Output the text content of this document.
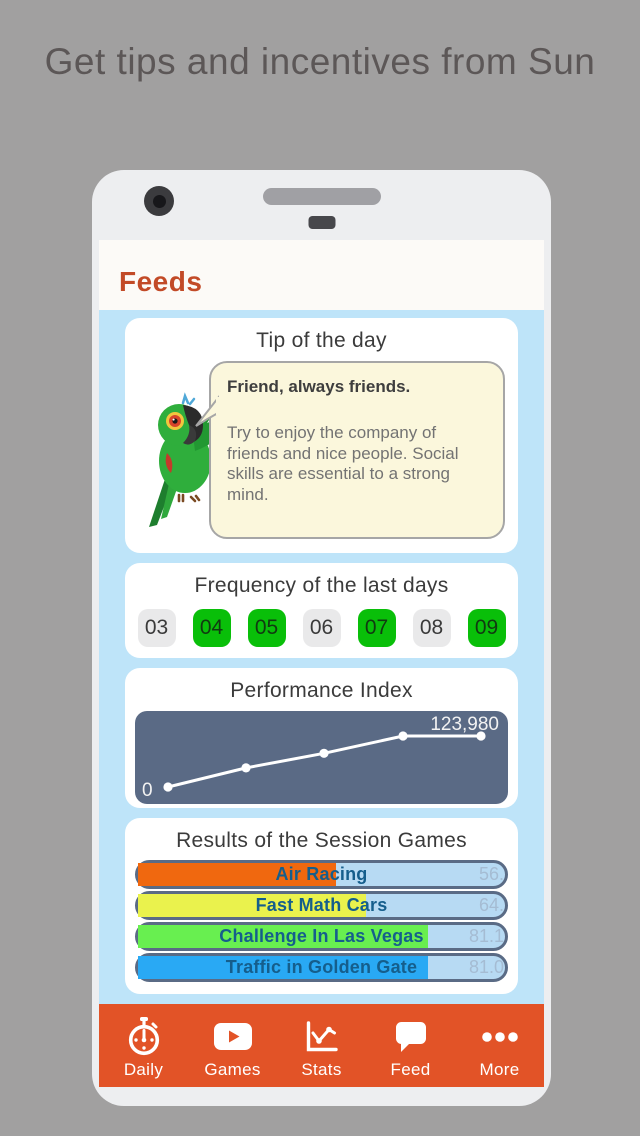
Get tips and incentives from Sun
Feeds
Tip of the day
Friend, always friends.
Try to enjoy the company of friends and nice people. Social skills are essential to a strong mind.
Frequency of the last days
03	04	05	06	07	08	09
Performance Index
0
123,980
Results of the Session Games
Air Racing	56.
Fast Math Cars	64.
Challenge In Las Vegas	81.1
Traffic in Golden Gate	81.0
Daily Games Stats	Feed	More
